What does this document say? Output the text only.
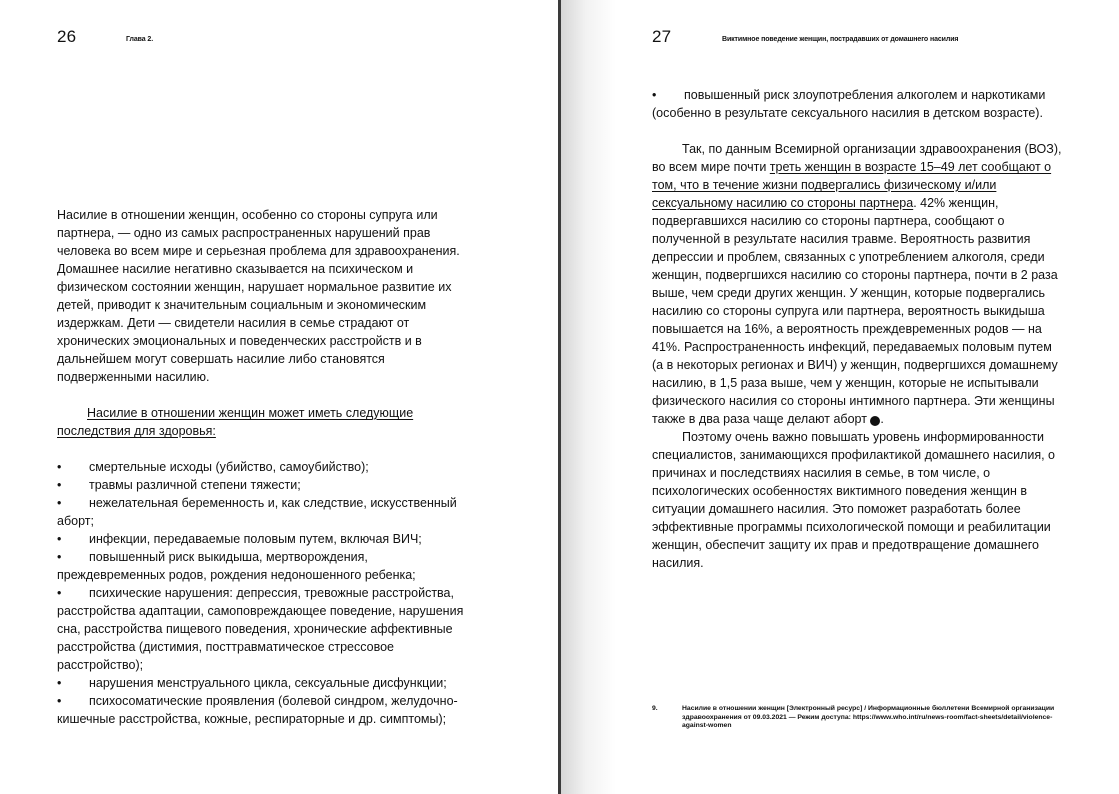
26	Глава 2.

Насилие в отношении женщин, особенно со стороны супруга или партнера, — одно из самых распространенных нарушений прав человека во всем мире и серьезная проблема для здравоохранения. Домашнее насилие негативно сказывается на психическом и физическом состоянии женщин, нарушает нормальное развитие их детей, приводит к значительным социальным и экономическим издержкам. Дети — свидетели насилия в семье страдают от хронических эмоциональных и поведенческих расстройств и в дальнейшем могут совершать насилие либо становятся подверженными насилию.

Насилие в отношении женщин может иметь следующие последствия для здоровья:

• смертельные исходы (убийство, самоубийство);
• травмы различной степени тяжести;
• нежелательная беременность и, как следствие, искусственный аборт;
• инфекции, передаваемые половым путем, включая ВИЧ;
• повышенный риск выкидыша, мертворождения, преждевременных родов, рождения недоношенного ребенка;
• психические нарушения: депрессия, тревожные расстройства, расстройства адаптации, самоповреждающее поведение, нарушения сна, расстройства пищевого поведения, хронические аффективные расстройства (дистимия, посттравматическое стрессовое расстройство);
• нарушения менструального цикла, сексуальные дисфункции;
• психосоматические проявления (болевой синдром, желудочно-кишечные расстройства, кожные, респираторные и др. симптомы);
27	Виктимное поведение женщин, пострадавших от домашнего насилия

• повышенный риск злоупотребления алкоголем и наркотиками (особенно в результате сексуального насилия в детском возрасте).

Так, по данным Всемирной организации здравоохранения (ВОЗ), во всем мире почти треть женщин в возрасте 15–49 лет сообщают о том, что в течение жизни подвергались физическому и/или сексуальному насилию со стороны партнера. 42% женщин, подвергавшихся насилию со стороны партнера, сообщают о полученной в результате насилия травме. Вероятность развития депрессии и проблем, связанных с употреблением алкоголя, среди женщин, подвергшихся насилию со стороны партнера, почти в 2 раза выше, чем среди других женщин. У женщин, которые подвергались насилию со стороны супруга или партнера, вероятность выкидыша повышается на 16%, а вероятность преждевременных родов — на 41%. Распространенность инфекций, передаваемых половым путем (а в некоторых регионах и ВИЧ) у женщин, подвергшихся домашнему насилию, в 1,5 раза выше, чем у женщин, которые не испытывали физического насилия со стороны интимного партнера. Эти женщины также в два раза чаще делают аборт	9.

Поэтому очень важно повышать уровень информированности специалистов, занимающихся профилактикой домашнего насилия, о причинах и последствиях насилия в семье, в том числе, о психологических особенностях виктимного поведения женщин в ситуации домашнего насилия. Это поможет разработать более эффективные программы психологической помощи и реабилитации женщин, обеспечит защиту их прав и предотвращение домашнего насилия.

9.	Насилие в отношении женщин [Электронный ресурс] / Информационные бюллетени Всемирной организации здравоохранения от 09.03.2021 — Режим доступа: https://www.who.int/ru/news-room/fact-sheets/detail/violence-against-women
